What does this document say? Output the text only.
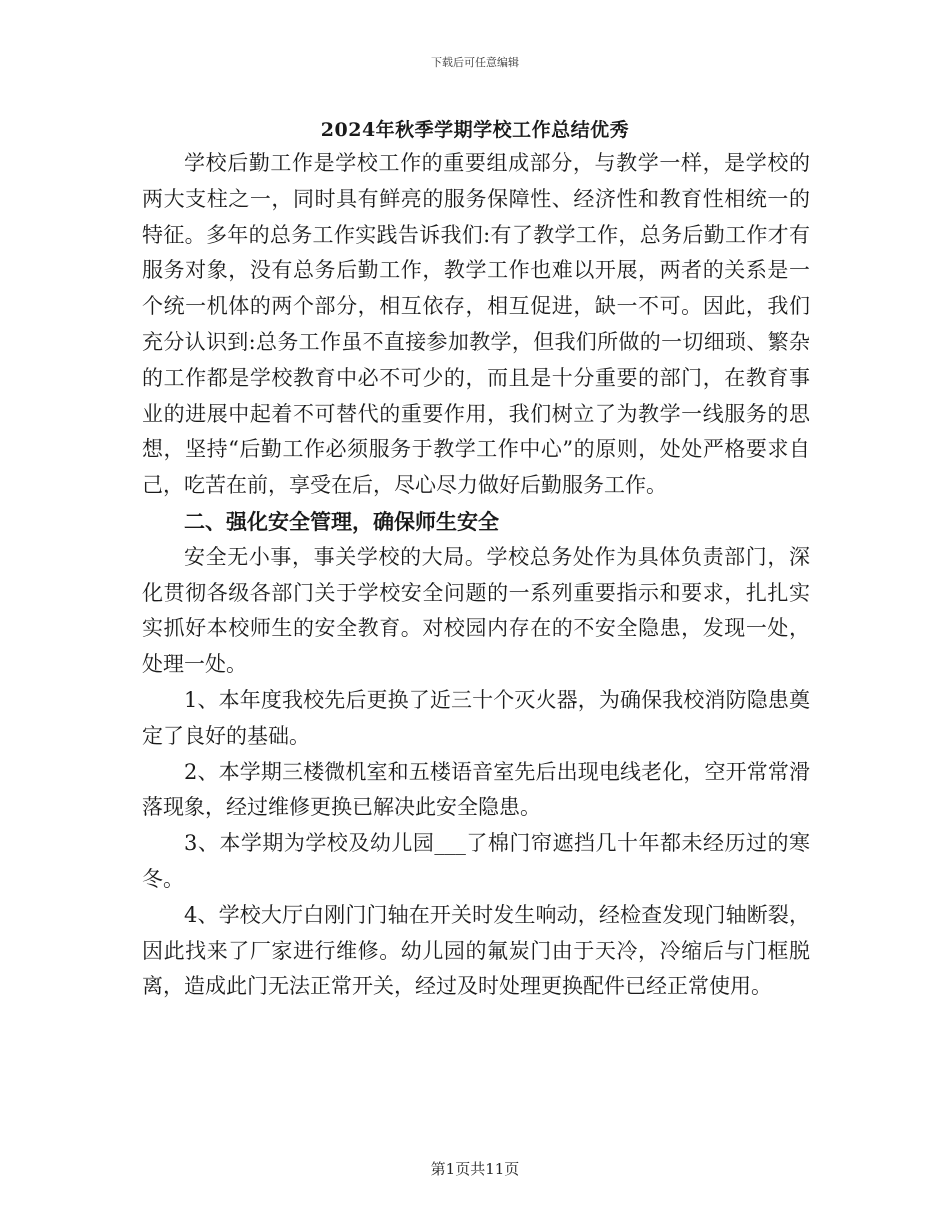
下载后可任意编辑
2024年秋季学期学校工作总结优秀

学校后勤工作是学校工作的重要组成部分，与教学一样，是学校的两大支柱之一，同时具有鲜亮的服务保障性、经济性和教育性相统一的特征。多年的总务工作实践告诉我们:有了教学工作，总务后勤工作才有服务对象，没有总务后勤工作，教学工作也难以开展，两者的关系是一个统一机体的两个部分，相互依存，相互促进，缺一不可。因此，我们充分认识到:总务工作虽不直接参加教学，但我们所做的一切细琐、繁杂的工作都是学校教育中必不可少的，而且是十分重要的部门，在教育事业的进展中起着不可替代的重要作用，我们树立了为教学一线服务的思想，坚持“后勤工作必须服务于教学工作中心”的原则，处处严格要求自己，吃苦在前，享受在后，尽心尽力做好后勤服务工作。

二、强化安全管理，确保师生安全

安全无小事，事关学校的大局。学校总务处作为具体负责部门，深化贯彻各级各部门关于学校安全问题的一系列重要指示和要求，扎扎实实抓好本校师生的安全教育。对校园内存在的不安全隐患，发现一处，处理一处。

1、本年度我校先后更换了近三十个灭火器，为确保我校消防隐患奠定了良好的基础。

2、本学期三楼微机室和五楼语音室先后出现电线老化，空开常常滑落现象，经过维修更换已解决此安全隐患。

3、本学期为学校及幼儿园___了棉门帘遮挡几十年都未经历过的寒冬。

4、学校大厅白刚门门轴在开关时发生响动，经检查发现门轴断裂，因此找来了厂家进行维修。幼儿园的氟炭门由于天冷，冷缩后与门框脱离，造成此门无法正常开关，经过及时处理更换配件已经正常使用。

第1页共11页
